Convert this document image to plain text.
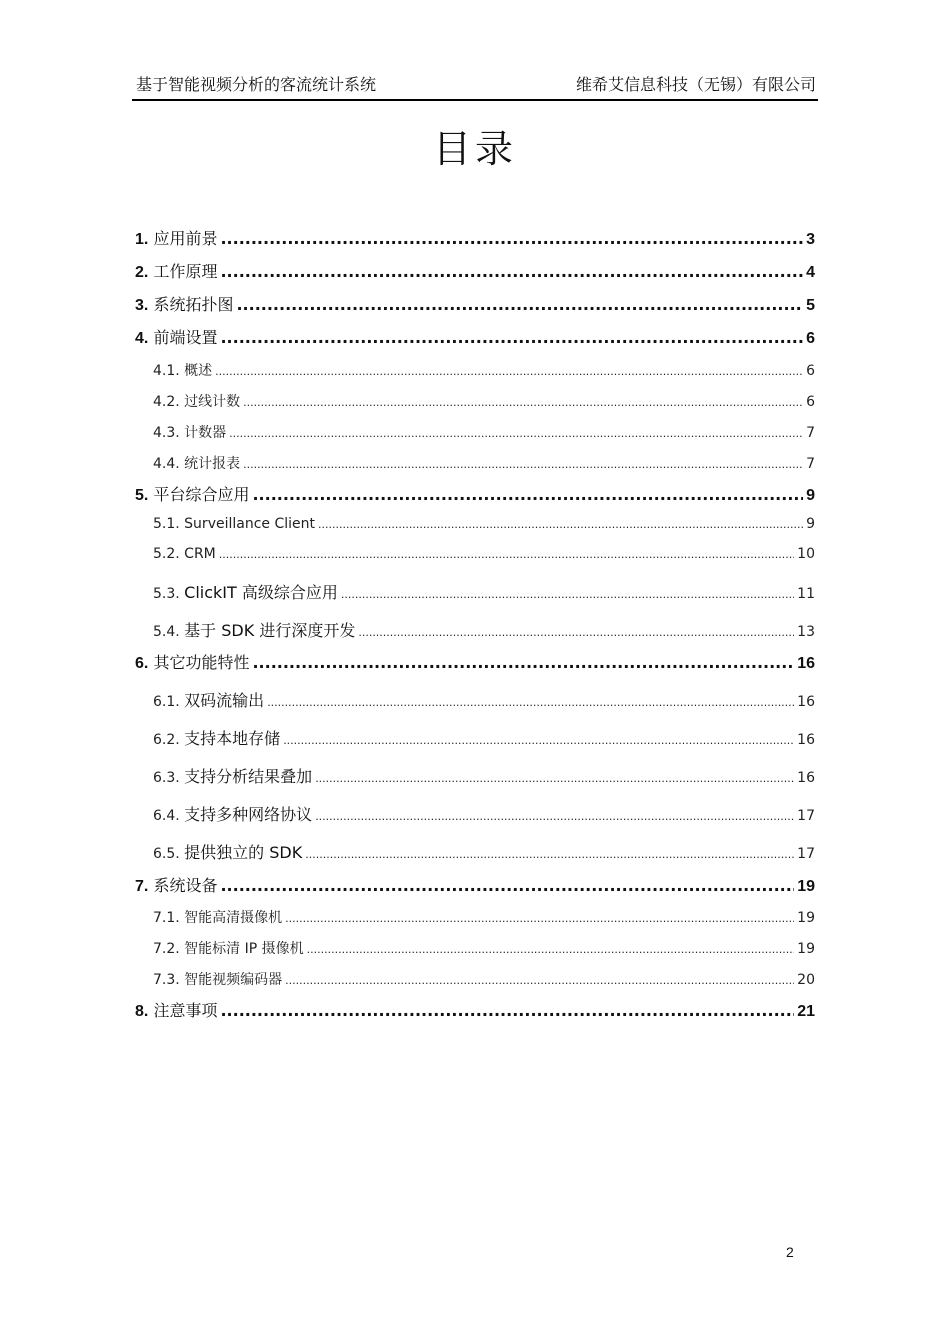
基于智能视频分析的客流统计系统	维希艾信息科技（无锡）有限公司
目录
1. 应用前景 .....	3
2. 工作原理 .....	4
3. 系统拓扑图 .....	5
4. 前端设置 .....	6
4.1. 概述 .....	6
4.2. 过线计数 .....	6
4.3. 计数器 .....	7
4.4. 统计报表 .....	7
5. 平台综合应用 .....	9
5.1. Surveillance Client .....	9
5.2. CRM .....	10
5.3. ClickIT 高级综合应用 .....	11
5.4. 基于 SDK 进行深度开发 .....	13
6. 其它功能特性 .....	16
6.1. 双码流输出 .....	16
6.2. 支持本地存储 .....	16
6.3. 支持分析结果叠加 .....	16
6.4. 支持多种网络协议 .....	17
6.5. 提供独立的 SDK .....	17
7. 系统设备 .....	19
7.1. 智能高清摄像机 .....	19
7.2. 智能标清 IP 摄像机 .....	19
7.3. 智能视频编码器 .....	20
8. 注意事项 .....	21
2
